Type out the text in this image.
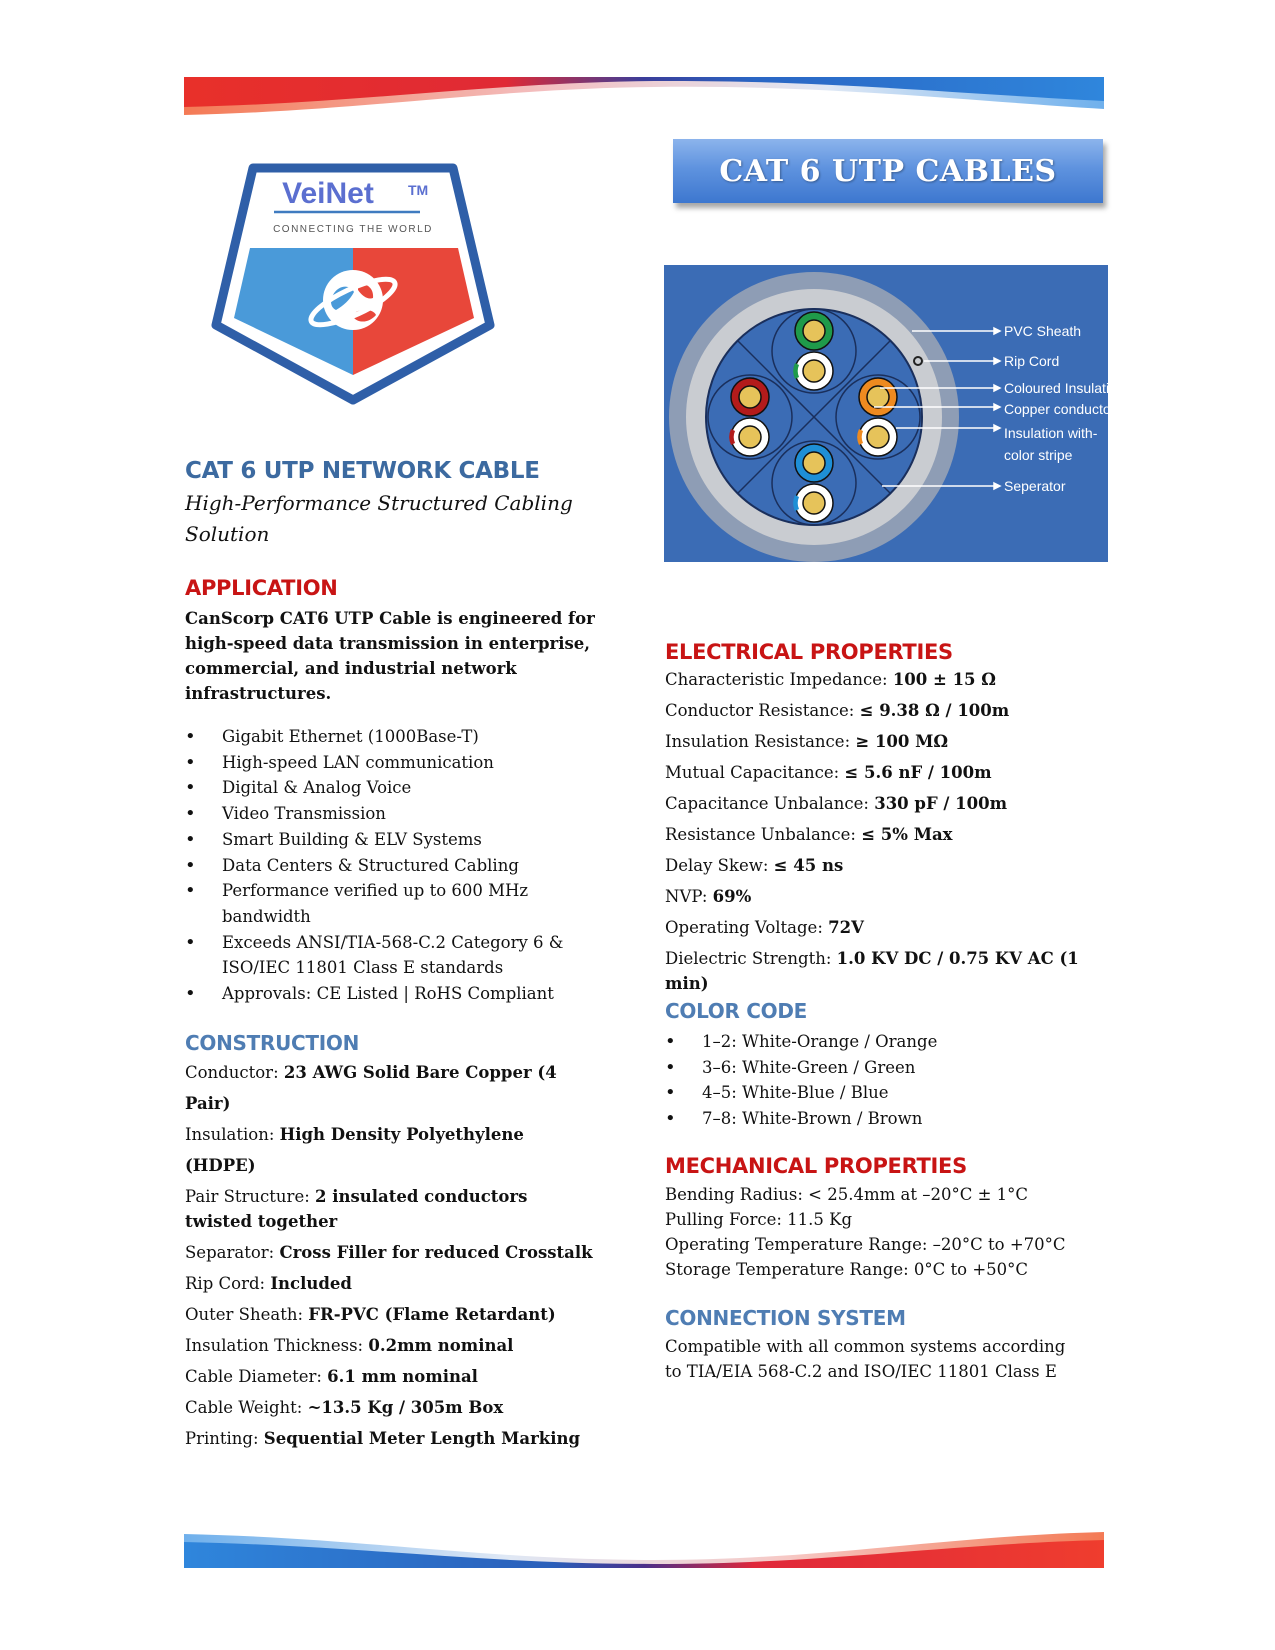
VeiNet TM
CONNECTING THE WORLD
CAT 6 UTP CABLES
PVC Sheath
Rip Cord
Coloured Insulation
Copper conductor
Insulation with-
color stripe
Seperator
CAT 6 UTP NETWORK CABLE

High-Performance Structured Cabling Solution

APPLICATION

CanScorp CAT6 UTP Cable is engineered for high-speed data transmission in enterprise, commercial, and industrial network infrastructures.

• Gigabit Ethernet (1000Base-T)
• High-speed LAN communication
• Digital & Analog Voice
• Video Transmission
• Smart Building & ELV Systems
• Data Centers & Structured Cabling
• Performance verified up to 600 MHz bandwidth
• Exceeds ANSI/TIA-568-C.2 Category 6 & ISO/IEC 11801 Class E standards
• Approvals: CE Listed | RoHS Compliant
CONSTRUCTION

Conductor: 23 AWG Solid Bare Copper (4 Pair)

Insulation: High Density Polyethylene (HDPE)

Pair Structure: 2 insulated conductors twisted together

Separator: Cross Filler for reduced Crosstalk

Rip Cord: Included

Outer Sheath: FR-PVC (Flame Retardant)

Insulation Thickness: 0.2mm nominal

Cable Diameter: 6.1 mm nominal

Cable Weight: ~13.5 Kg / 305m Box

Printing: Sequential Meter Length Marking

ELECTRICAL PROPERTIES

Characteristic Impedance: 100 ± 15 Ω

Conductor Resistance: ≤ 9.38 Ω / 100m

Insulation Resistance: ≥ 100 MΩ

Mutual Capacitance: ≤ 5.6 nF / 100m

Capacitance Unbalance: 330 pF / 100m

Resistance Unbalance: ≤ 5% Max

Delay Skew: ≤ 45 ns

NVP: 69%

Operating Voltage: 72V

Dielectric Strength: 1.0 KV DC / 0.75 KV AC (1 min)

COLOR CODE
• 1–2: White-Orange / Orange
• 3–6: White-Green / Green
• 4–5: White-Blue / Blue
• 7–8: White-Brown / Brown
MECHANICAL PROPERTIES

Bending Radius: < 25.4mm at –20°C ± 1°C

Pulling Force: 11.5 Kg

Operating Temperature Range: –20°C to +70°C

Storage Temperature Range: 0°C to +50°C

CONNECTION SYSTEM

Compatible with all common systems according to TIA/EIA 568-C.2 and ISO/IEC 11801 Class E
